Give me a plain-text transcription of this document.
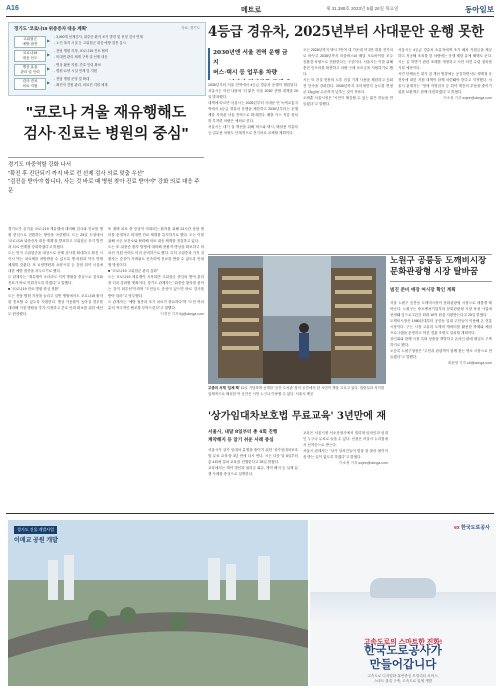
A16	메트로	제 31,388호 2023년 5월 26일 목요일	동아일보
경기도 '코로나19 위중증자 대응 계획'	자료: 경기도
고위험군
예방 접종
▶
- 3,000개 선제검사, 위중증 환자 조기 발견 및 선정 검사 연계
- 노인 복지 시설 등 고위험군 대상 예방 접종 실시
코로나19
대응 선도
▶
- 전담 병원 지정, 코로나19 진료 협력
- 비대면 관리 체계 구축 및 선제 대응
병상 효율
관리 및 인력
▶
- 병상 활용 지원, 간호 인력 확보
- 병원·요양 시설 연계 및 지원
검사·진료
의료 지원
▶
- 전담 병원 운영 및 확대
- 확진자 전원 관리, 의료진 지원 체계
"코로나 겨울 재유행해도
검사·진료는 병원의 중심"
경기도 마중역할 강화 나서
"확진 후 진단되기 까지 바로 전 선제 검사 의료 맞춤 우선"
"검진을 받아야 합니다, 사는 것 바로 때 병원 찾아 진료 받아야" 강화 의료 대응 주문
경기도가 올겨울 코로나19 재유행에 대비해 검사와 진료를 병원 중심으로 전환하는 방안을 마련했다. 도는 25일 도청에서 '코로나19 위중증자 대응 계획'을 발표하고 고위험군 조기 발견과 치료 연계를 강화하겠다고 밝혔다.
도는 먼저 고위험군을 대상으로 선제 검사를 확대하고 확진 시 즉시 먹는 치료제를 처방받을 수 있도록 병·의원과 약국 연계 체계를 갖춘다. 또 요양병원과 요양시설 등 감염 취약 시설에 대한 예방 접종을 서두르기로 했다.
도 관계자는 "재유행이 오더라도 지역 병원을 중심으로 검사와 진료가 바로 이뤄지도록 하겠다"고 말했다.
■ "코로나19 진료 병원 중심 전환"
도는 전담 병원 지정을 늘리고 일반 병원에서도 코로나19 환자를 진료할 수 있도록 지원한다. 병상 가동률이 높아질 경우를 대비해 거점 병원을 추가 지정하고 간호 인력 확보를 위한 예산도 편성했다.
또 재택 치료 중 증상이 악화되는 환자를 위해 24시간 상담 센터를 운영하고 비대면 진료 체계를 유지하기로 했다. 도는 이를 위해 시군 보건소와 협력해 의료 대응 체계를 점검하고 있다.
도는 또 위중증 환자 발생에 대비해 중환자 병상을 확보하고 의료진 지원 인력도 미리 준비하기로 했다. 특히 고령층과 기저 질환자는 증상이 가벼워도 신속하게 진료를 받을 수 있도록 안내할 방침이다.
■ "코로나19 고위험군 관리 강화"
도는 코로나19 재유행이 시작되면 고위험군 중심의 방역 관리를 더욱 강화할 계획이다. 경기도 관계자는 "위중증 환자를 줄이는 것이 최우선"이라며 "도민들도 증상이 있으면 바로 검사를 받아 달라"고 당부했다.
도 관계자는 "예방 접종과 조기 치료가 중요하다"며 "도민 여러분의 적극적인 협조를 부탁드린다"고 말했다.
이경진 기자 lkj@donga.com
4등급 경유차, 2025년부터 사대문안 운행 못한
2030년엔 서울 전역 운행 금지
버스·택시 등 업무용 차량

2030년부터 서울 전역에서 4등급 경유차 운행이 제한된다. 서울시는 이런 내용의 '더 맑은 서울 2030' 종합 대책을 25일 발표했다.
대책에 따르면 서울시는 2025년부터 사대문 안 녹색교통지역에서 4등급 경유차 운행을 제한하고 2030년부터는 운행 제한 지역을 서울 전역으로 확대한다. 배출 가스 저감 장치를 부착한 차량은 예외로 한다.
서울시는 대기 질 개선을 위해 버스와 택시, 배달용 이륜차 등 업무용 차량도 단계적으로 전기차로 교체할 계획이다.
오는 2026년까지 택시 7만여 대 가운데 약 2만 대를 전기차로 바꾸고 2035년까지 마을버스와 배달 오토바이를 모두 친환경 차량으로 전환한다는 구상이다. 서울시는 이를 위해 충전 인프라를 확충하고 차량 구매 보조금을 지원하기로 했다.
시는 또 건설 현장의 노후 건설 기계 사용을 제한하고 공회전 단속을 강화한다. 2030년까지 초미세먼지 농도를 연평균 13㎍/㎥ 수준까지 낮추는 것이 목표다.
오세훈 서울시장은 "시민이 체감할 수 있는 맑은 하늘을 만들겠다"고 말했다.
서울시는 4등급 경유차 소유자에게 조기 폐차 지원금을 제공하고 저공해 조치를 한 차량에는 운행 제한 유예 혜택도 준다. 시는 올 하반기 관련 조례를 개정하고 시민 의견 수렴 절차를 거칠 예정이다.
시민 단체들은 대기 질 개선 방향에는 공감하면서도 생계형 운전자에 대한 지원 대책이 함께 마련돼야 한다고 지적했다. 서울시 관계자는 "영세 자영업자 등 취약 계층의 부담을 줄이기 위한 보완책도 함께 마련하겠다"고 밝혔다.
이소정 기자 sojee@donga.com
고층의 서재 '입체 책' 11일 기념하며 공개한 '공간 도서관' 장서 공간에서 한 시민이 책을 고르고 있다. 열람실과 서가를 입체적으로 배치한 이 공간은 시민 누구나 이용할 수 있다. 서울시 제공
노원구 공릉동 도깨비시장
문화관광형 시장 탈바꿈
범진 준비 매장 여시장 확인 계획
서울 노원구 공릉동 도깨비시장이 문화관광형 시장으로 새롭게 태어난다. 노원구는 중소벤처기업부의 문화관광형 시장 육성 사업에 선정돼 앞으로 2년간 최대 10억 원을 지원받는다고 25일 밝혔다.
도깨비시장은 1980년대부터 공릉동 일대 주민들이 이용해 온 전통시장이다. 구는 시장 고유의 도깨비 캐릭터를 활용한 축제와 체험 프로그램을 운영하고 야간 경관 조명도 설치할 계획이다.
상인회와 함께 시장 특화 상품을 개발하고 온라인 판매 채널도 구축하기로 했다.
오승록 노원구청장은 "주민과 관광객이 함께 찾는 명소 시장으로 만들겠다"고 말했다.
최원영 기자 o0@donga.com
'상가임대차보호법 무료교육' 3년만에 재
서울시, 내달 8일부터 총 4회 진행
계약해지 등 알기 쉬운 사례 중심
서울시가 상가 임대차 분쟁을 줄이기 위한 '상가임대차보호법 무료 교육'을 3년 만에 다시 연다. 시는 다음 달 8일부터 총 4회에 걸쳐 교육을 진행한다고 25일 밝혔다.
교육에서는 계약 갱신과 권리금 회수, 계약 해지 등 실제 분쟁 사례를 중심으로 설명한다.
교육은 서울시청 서소문청사에서 열리며 임차인과 임대인 누구나 무료로 들을 수 있다. 신청은 서울시 누리집에서 선착순으로 받는다.
서울시 관계자는 "상가 임차인들이 법을 잘 몰라 불이익을 받는 일이 없도록 하겠다"고 밝혔다.
이소정 기자 sojee@donga.com
경기도 건물 개발사업
이매교 공원 개발
ex 한국도로공사
고속도로의 스마트한 진화!
한국도로공사가
만들어갑니다
고속도로 디지털화·휴먼중심 모빌리티 서비스,
스마트 물류 구축, 고속도로 입체 개발
